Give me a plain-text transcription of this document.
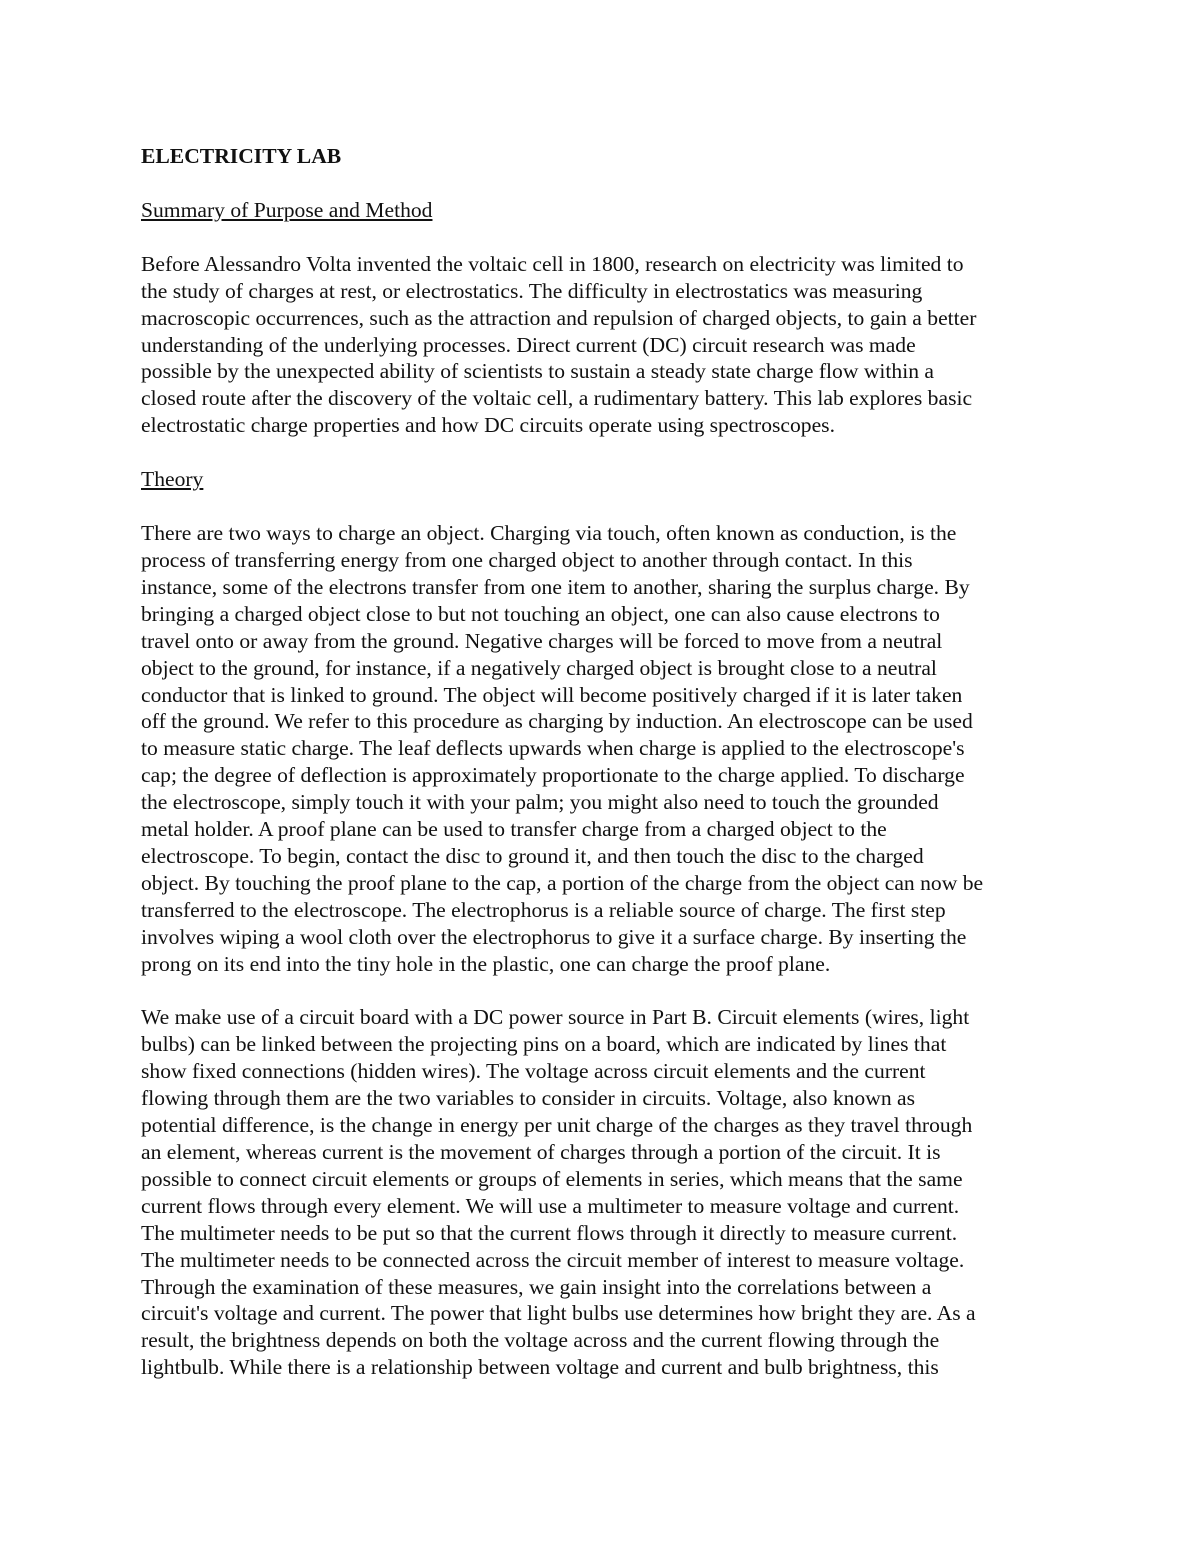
ELECTRICITY LAB
Summary of Purpose and Method

Before Alessandro Volta invented the voltaic cell in 1800, research on electricity was limited to
the study of charges at rest, or electrostatics. The difficulty in electrostatics was measuring
macroscopic occurrences, such as the attraction and repulsion of charged objects, to gain a better
understanding of the underlying processes. Direct current (DC) circuit research was made
possible by the unexpected ability of scientists to sustain a steady state charge flow within a
closed route after the discovery of the voltaic cell, a rudimentary battery. This lab explores basic
electrostatic charge properties and how DC circuits operate using spectroscopes.

Theory

There are two ways to charge an object. Charging via touch, often known as conduction, is the
process of transferring energy from one charged object to another through contact. In this
instance, some of the electrons transfer from one item to another, sharing the surplus charge. By
bringing a charged object close to but not touching an object, one can also cause electrons to
travel onto or away from the ground. Negative charges will be forced to move from a neutral
object to the ground, for instance, if a negatively charged object is brought close to a neutral
conductor that is linked to ground. The object will become positively charged if it is later taken
off the ground. We refer to this procedure as charging by induction. An electroscope can be used
to measure static charge. The leaf deflects upwards when charge is applied to the electroscope's
cap; the degree of deflection is approximately proportionate to the charge applied. To discharge
the electroscope, simply touch it with your palm; you might also need to touch the grounded
metal holder. A proof plane can be used to transfer charge from a charged object to the
electroscope. To begin, contact the disc to ground it, and then touch the disc to the charged
object. By touching the proof plane to the cap, a portion of the charge from the object can now be
transferred to the electroscope. The electrophorus is a reliable source of charge. The first step
involves wiping a wool cloth over the electrophorus to give it a surface charge. By inserting the
prong on its end into the tiny hole in the plastic, one can charge the proof plane.

We make use of a circuit board with a DC power source in Part B. Circuit elements (wires, light
bulbs) can be linked between the projecting pins on a board, which are indicated by lines that
show fixed connections (hidden wires). The voltage across circuit elements and the current
flowing through them are the two variables to consider in circuits. Voltage, also known as
potential difference, is the change in energy per unit charge of the charges as they travel through
an element, whereas current is the movement of charges through a portion of the circuit. It is
possible to connect circuit elements or groups of elements in series, which means that the same
current flows through every element. We will use a multimeter to measure voltage and current.
The multimeter needs to be put so that the current flows through it directly to measure current.
The multimeter needs to be connected across the circuit member of interest to measure voltage.
Through the examination of these measures, we gain insight into the correlations between a
circuit's voltage and current. The power that light bulbs use determines how bright they are. As a
result, the brightness depends on both the voltage across and the current flowing through the
lightbulb. While there is a relationship between voltage and current and bulb brightness, this
